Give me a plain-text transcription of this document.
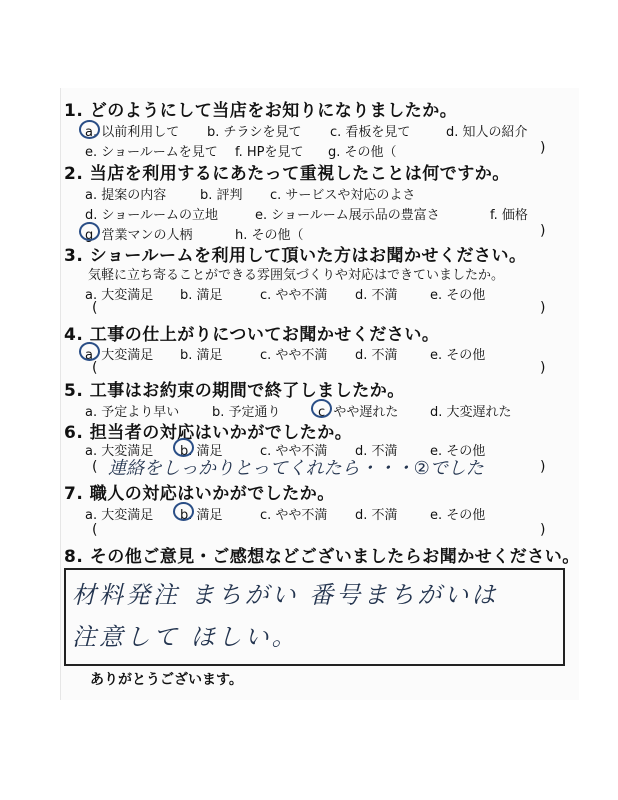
1. どのようにして当店をお知りになりましたか。
a. 以前利用して b. チラシを見て c. 看板を見て	d. 知人の紹介
e. ショールームを見て f. HPを見て g. その他（	)
2. 当店を利用するにあたって重視したことは何ですか。
a. 提案の内容	b. 評判 c. サービスや対応のよさ
d. ショールームの立地	e. ショールーム展示品の豊富さ	f. 価格
g. 営業マンの人柄	h. その他（	)
3. ショールームを利用して頂いた方はお聞かせください。
気軽に立ち寄ることができる雰囲気づくりや対応はできていましたか。
a. 大変満足 b. 満足	c. やや不満 d. 不満 e. その他
(	)
4. 工事の仕上がりについてお聞かせください。
a. 大変満足 b. 満足	c. やや不満 d. 不満 e. その他
(	)
5. 工事はお約束の期間で終了しましたか。
a. 予定より早い	b. 予定通り	c. やや遅れた d. 大変遅れた
6. 担当者の対応はいかがでしたか。
a. 大変満足 b. 満足	c. やや不満 d. 不満 e. その他
( 連絡をしっかりとってくれたら・・・②でした	)
7. 職人の対応はいかがでしたか。
a. 大変満足 b. 満足	c. やや不満 d. 不満 e. その他
(	)
8. その他ご意見・ご感想などございましたらお聞かせください。
材料発注 まちがい 番号まちがいは
注意して ほしい。
ありがとうございます。
